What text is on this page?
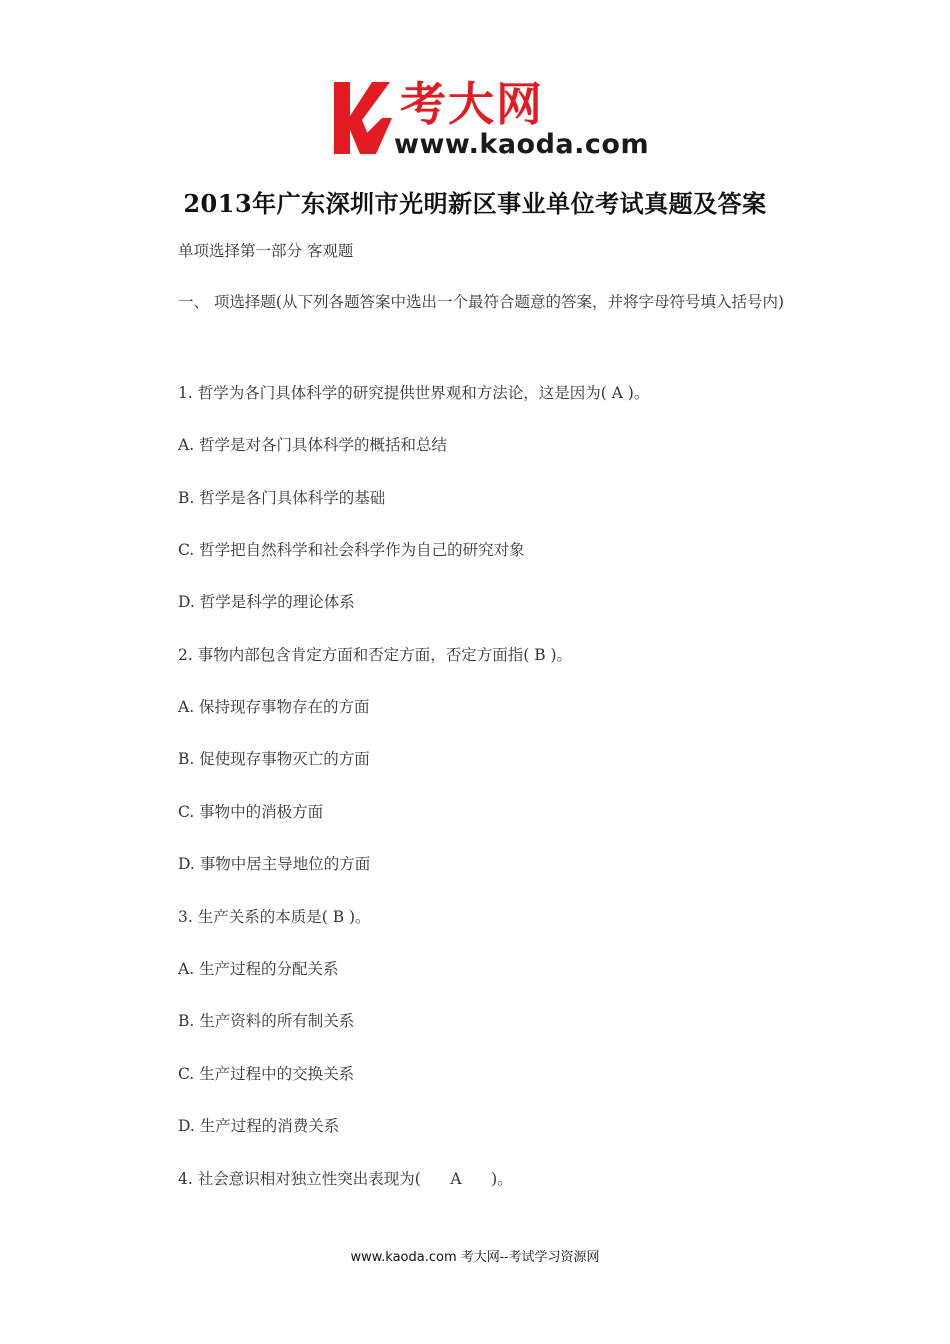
考大网
www.kaoda.com
2013年广东深圳市光明新区事业单位考试真题及答案
单项选择第一部分 客观题
一、 项选择题(从下列各题答案中选出一个最符合题意的答案，并将字母符号填入括号内)
1. 哲学为各门具体科学的研究提供世界观和方法论，这是因为( A )。
A. 哲学是对各门具体科学的概括和总结
B. 哲学是各门具体科学的基础
C. 哲学把自然科学和社会科学作为自己的研究对象
D. 哲学是科学的理论体系
2. 事物内部包含肯定方面和否定方面，否定方面指( B )。
A. 保持现存事物存在的方面
B. 促使现存事物灭亡的方面
C. 事物中的消极方面
D. 事物中居主导地位的方面
3. 生产关系的本质是( B )。
A. 生产过程的分配关系
B. 生产资料的所有制关系
C. 生产过程中的交换关系
D. 生产过程的消费关系
4. 社会意识相对独立性突出表现为(      A      )。
www.kaoda.com 考大网--考试学习资源网
